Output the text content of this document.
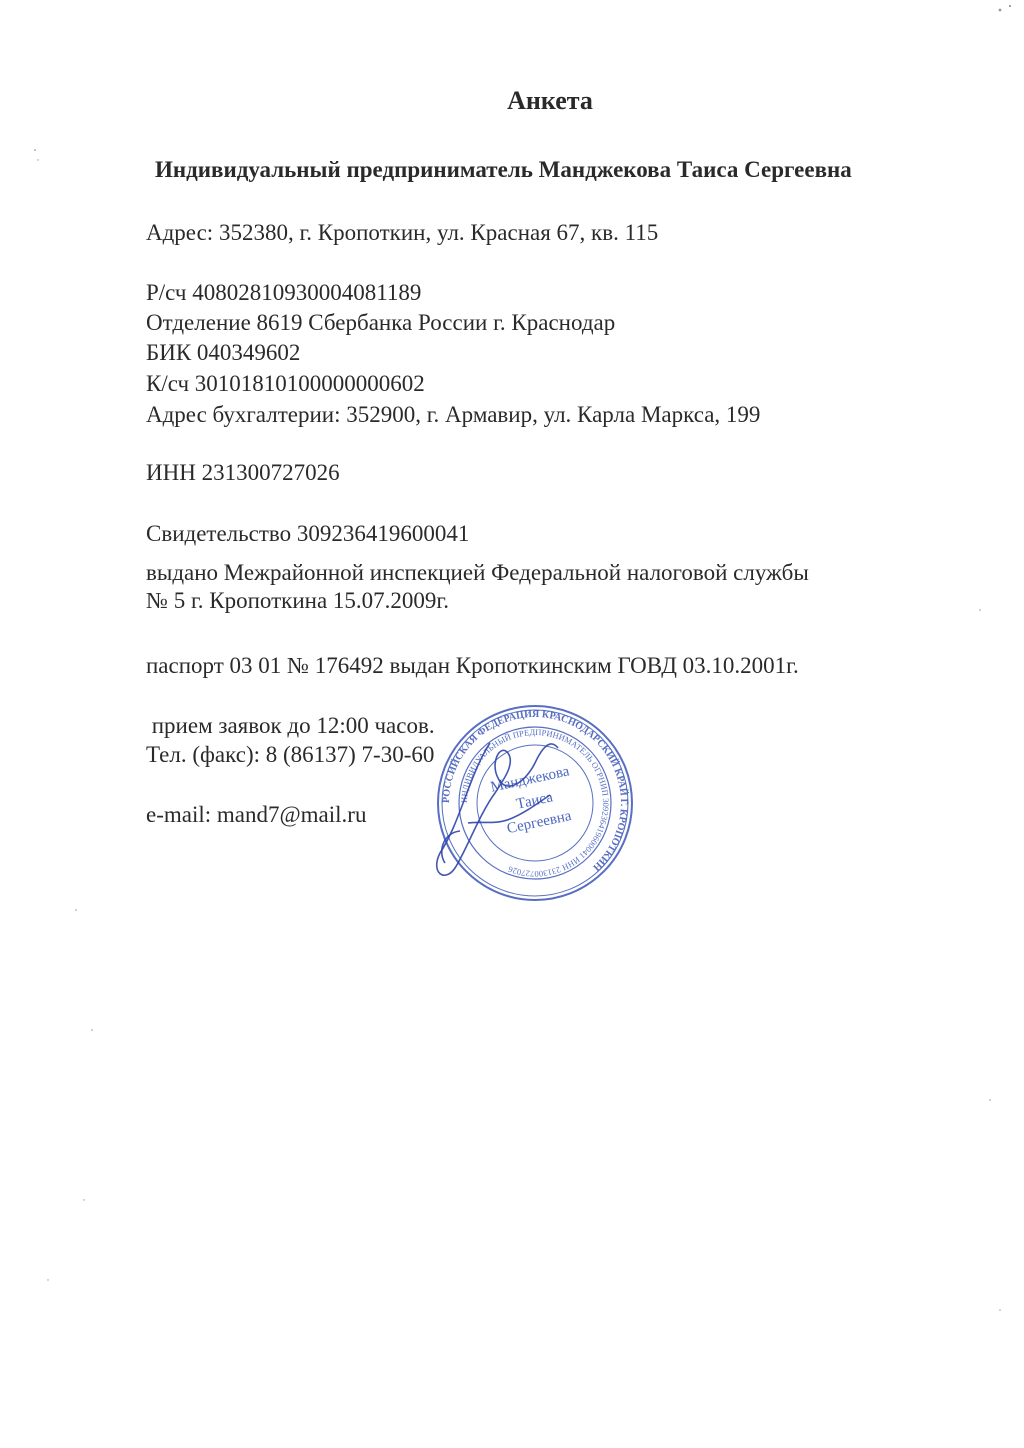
Анкета
Индивидуальный предприниматель Манджекова Таиса Сергеевна
Адрес: 352380, г. Кропоткин, ул. Красная 67, кв. 115
Р/сч 40802810930004081189
Отделение 8619 Сбербанка России г. Краснодар
БИК 040349602
К/сч 30101810100000000602
Адрес бухгалтерии: 352900, г. Армавир, ул. Карла Маркса, 199
ИНН 231300727026
Свидетельство 309236419600041
выдано Межрайонной инспекцией Федеральной налоговой службы
№ 5 г. Кропоткина 15.07.2009г.
паспорт 03 01 № 176492 выдан Кропоткинским ГОВД 03.10.2001г.
прием заявок до 12:00 часов.
Тел. (факс): 8 (86137) 7-30-60
e-mail: mand7@mail.ru
РОССИЙСКАЯ ФЕДЕРАЦИЯ КРАСНОДАРСКИЙ КРАЙ Г. КРОПОТКИН
ИНДИВИДУАЛЬНЫЙ ПРЕДПРИНИМАТЕЛЬ ОГРНИП 309236419600041 ИНН 231300727026
Манджекова
Таиса
Сергеевна
